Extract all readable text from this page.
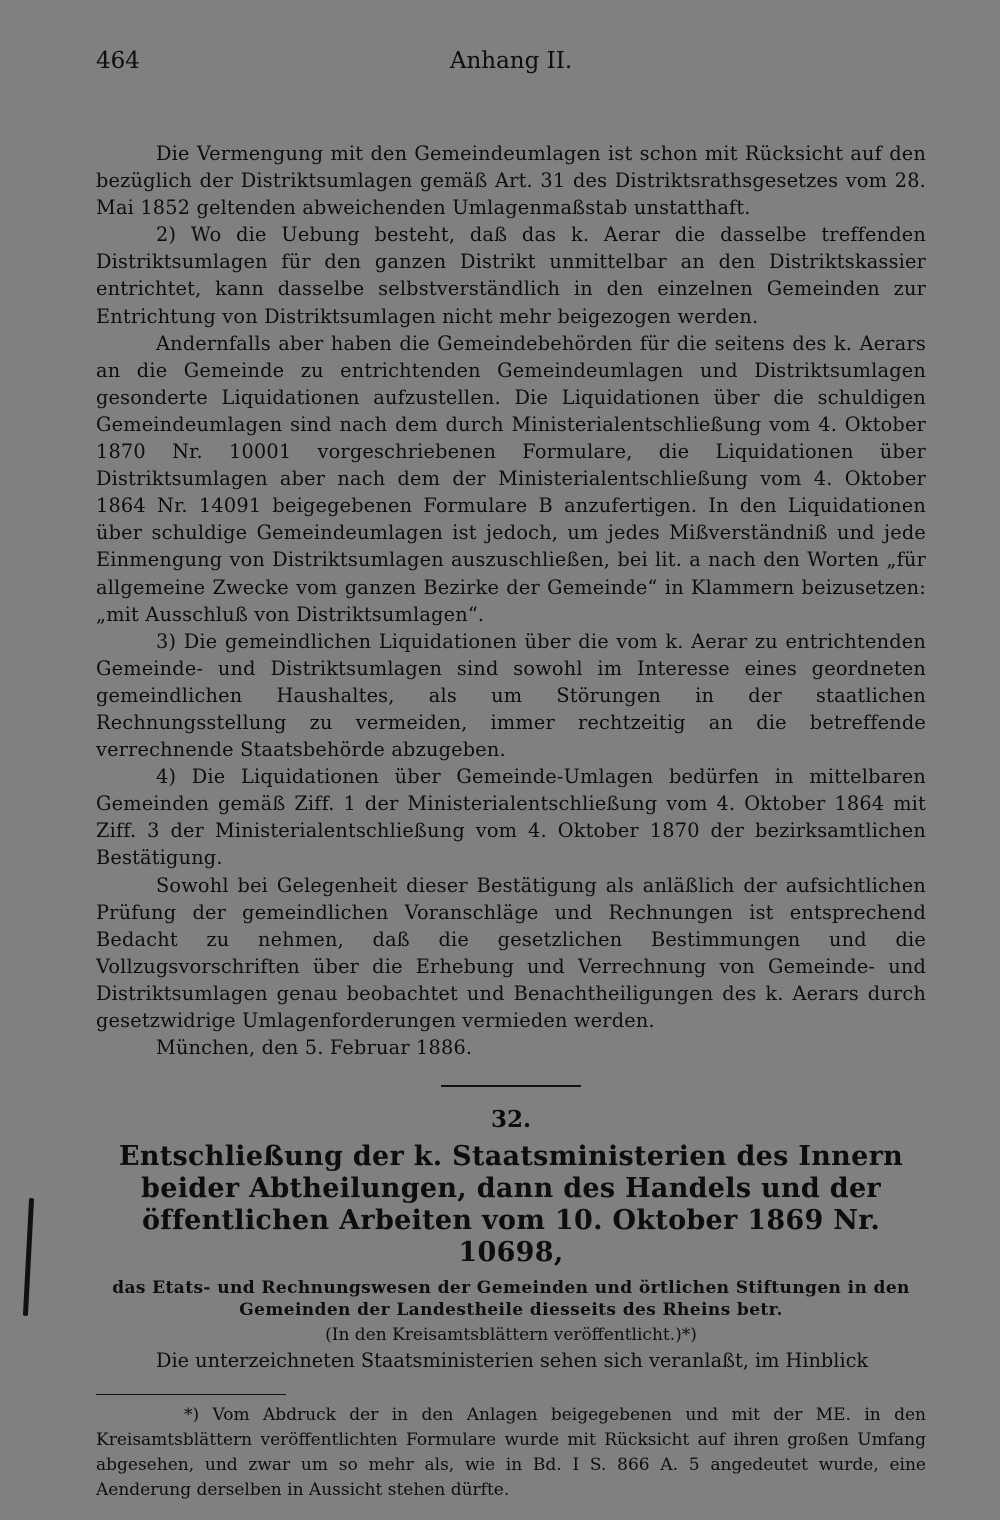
464	Anhang II.

Die Vermengung mit den Gemeindeumlagen ist schon mit Rücksicht auf den bezüglich der Distriktsumlagen gemäß Art. 31 des Distriktsrathsgesetzes vom 28. Mai 1852 geltenden abweichenden Umlagenmaßstab unstatthaft.

2) Wo die Uebung besteht, daß das k. Aerar die dasselbe treffenden Distriktsumlagen für den ganzen Distrikt unmittelbar an den Distriktskassier entrichtet, kann dasselbe selbstverständlich in den einzelnen Gemeinden zur Entrichtung von Distriktsumlagen nicht mehr beigezogen werden.

Andernfalls aber haben die Gemeindebehörden für die seitens des k. Aerars an die Gemeinde zu entrichtenden Gemeindeumlagen und Distriktsumlagen gesonderte Liquidationen aufzustellen. Die Liquidationen über die schuldigen Gemeindeumlagen sind nach dem durch Ministerialentschließung vom 4. Oktober 1870 Nr. 10001 vorgeschriebenen Formulare, die Liquidationen über Distriktsumlagen aber nach dem der Ministerialentschließung vom 4. Oktober 1864 Nr. 14091 beigegebenen Formulare B anzufertigen. In den Liquidationen über schuldige Gemeindeumlagen ist jedoch, um jedes Mißverständniß und jede Einmengung von Distriktsumlagen auszuschließen, bei lit. a nach den Worten „für allgemeine Zwecke vom ganzen Bezirke der Gemeinde“ in Klammern beizusetzen: „mit Ausschluß von Distriktsumlagen“.

3) Die gemeindlichen Liquidationen über die vom k. Aerar zu entrichtenden Gemeinde- und Distriktsumlagen sind sowohl im Interesse eines geordneten gemeindlichen Haushaltes, als um Störungen in der staatlichen Rechnungsstellung zu vermeiden, immer rechtzeitig an die betreffende verrechnende Staatsbehörde abzugeben.

4) Die Liquidationen über Gemeinde-Umlagen bedürfen in mittelbaren Gemeinden gemäß Ziff. 1 der Ministerialentschließung vom 4. Oktober 1864 mit Ziff. 3 der Ministerialentschließung vom 4. Oktober 1870 der bezirksamtlichen Bestätigung.

Sowohl bei Gelegenheit dieser Bestätigung als anläßlich der aufsichtlichen Prüfung der gemeindlichen Voranschläge und Rechnungen ist entsprechend Bedacht zu nehmen, daß die gesetzlichen Bestimmungen und die Vollzugsvorschriften über die Erhebung und Verrechnung von Gemeinde- und Distriktsumlagen genau beobachtet und Benachtheiligungen des k. Aerars durch gesetzwidrige Umlagenforderungen vermieden werden.

München, den 5. Februar 1886.

32.
Entschließung der k. Staatsministerien des Innern beider Abtheilungen, dann des Handels und der öffentlichen Arbeiten vom 10. Oktober 1869 Nr. 10698,
das Etats- und Rechnungswesen der Gemeinden und örtlichen Stiftungen in den Gemeinden der Landestheile diesseits des Rheins betr.
(In den Kreisamtsblättern veröffentlicht.)*)

Die unterzeichneten Staatsministerien sehen sich veranlaßt, im Hinblick

*) Vom Abdruck der in den Anlagen beigegebenen und mit der ME. in den Kreisamtsblättern veröffentlichten Formulare wurde mit Rücksicht auf ihren großen Umfang abgesehen, und zwar um so mehr als, wie in Bd. I S. 866 A. 5 angedeutet wurde, eine Aenderung derselben in Aussicht stehen dürfte.
